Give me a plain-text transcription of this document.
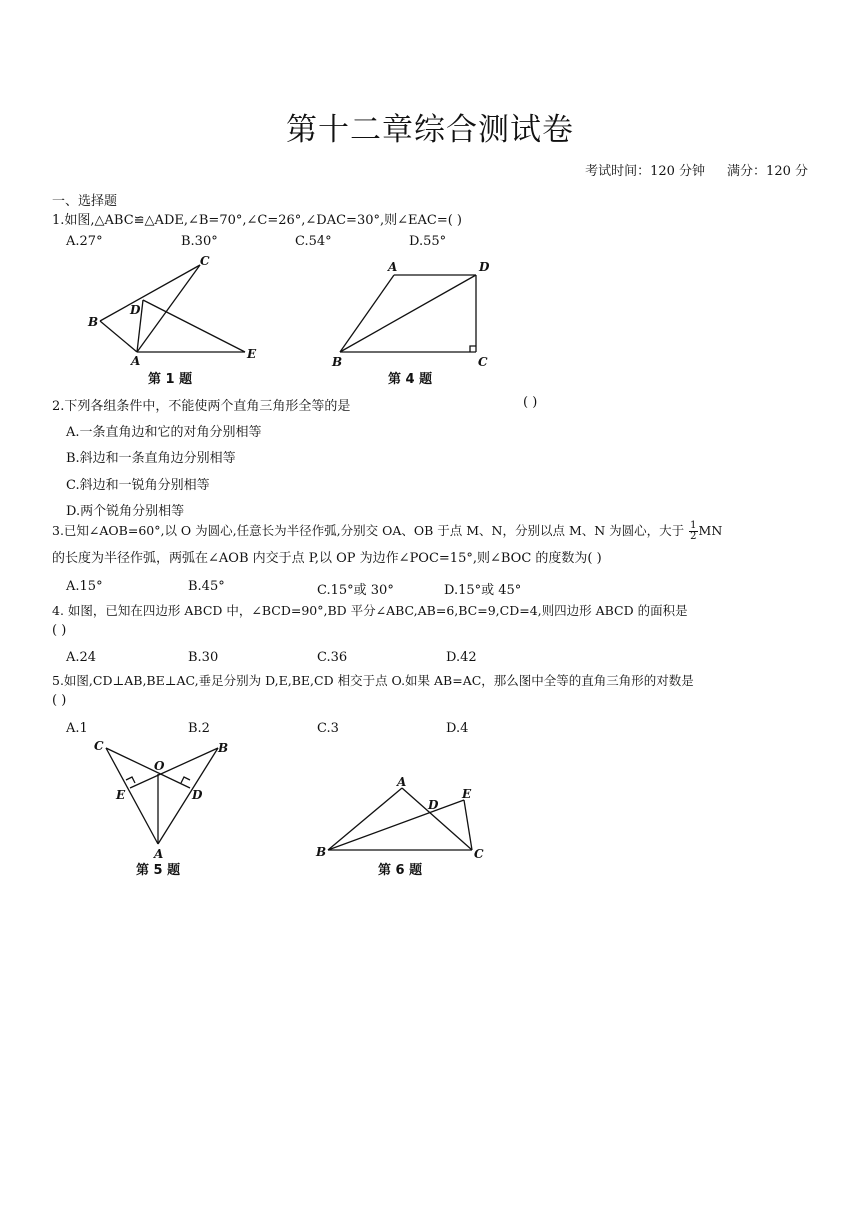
第十二章综合测试卷
考试时间：120 分钟 满分：120 分
一、选择题
1.如图,△ABC≌△ADE,∠B=70°,∠C=26°,∠DAC=30°,则∠EAC=( )
A.27°	B.30°	C.54°	D.55°
C
D
B
A	E
第 1 题
A	D
B	C
第 4 题
2.下列各组条件中，不能使两个直角三角形全等的是	( )
A.一条直角边和它的对角分别相等
B.斜边和一条直角边分别相等
C.斜边和一锐角分别相等
D.两个锐角分别相等
3.已知∠AOB=60°,以 O 为圆心,任意长为半径作弧,分别交 OA、OB 于点 M、N，分别以点 M、N 为圆心，大于 $\frac{1}{2}$ MN
的长度为半径作弧，两弧在∠AOB 内交于点 P,以 OP 为边作∠POC=15°,则∠BOC 的度数为( )
A.15°	B.45°	C.15°或 30°	D.15°或 45°
4. 如图，已知在四边形 ABCD 中，∠BCD=90°,BD 平分∠ABC,AB=6,BC=9,CD=4,则四边形 ABCD 的面积是
( )
A.24	B.30	C.36	D.42
5.如图,CD⊥AB,BE⊥AC,垂足分别为 D,E,BE,CD 相交于点 O.如果 AB=AC，那么图中全等的直角三角形的对数是
( )
A.1	B.2	C.3	D.4
C
O
B
E	D
A
第 5 题
A
D
E
B	C
第 6 题
